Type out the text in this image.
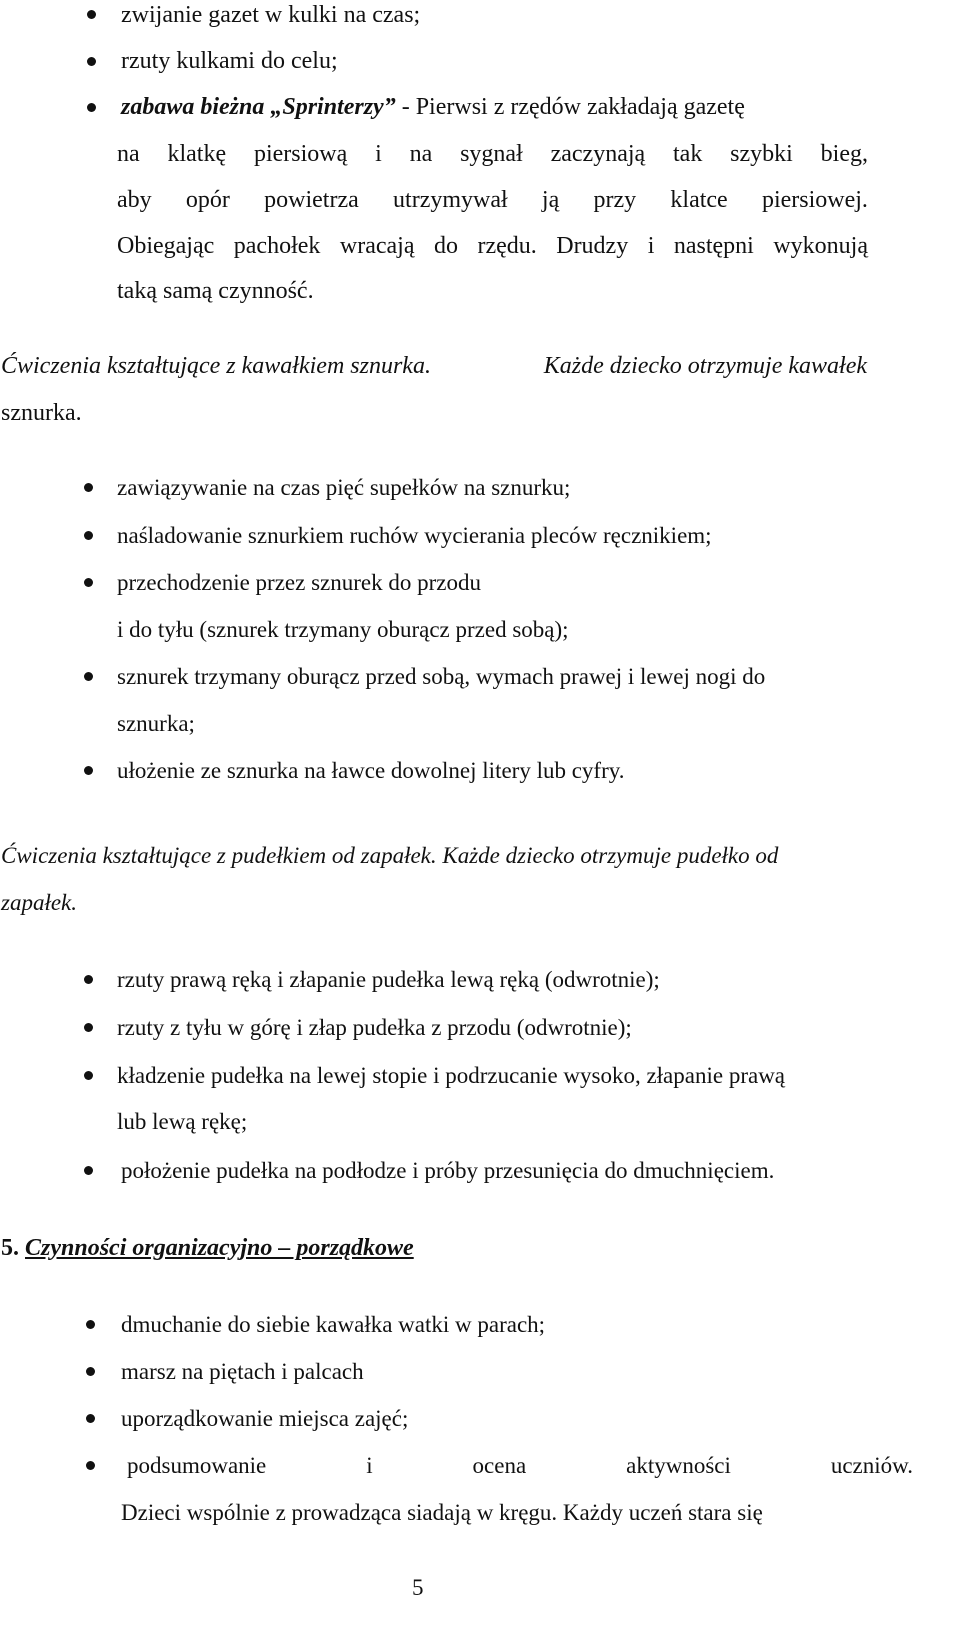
zwijanie gazet w kulki na czas;
rzuty kulkami do celu;
zabawa bieżna „Sprinterzy” - Pierwsi z rzędów zakładają gazetę
na klatkę piersiową i na sygnał zaczynają tak szybki bieg,
aby opór powietrza utrzymywał ją przy klatce piersiowej.
Obiegając pachołek wracają do rzędu. Drudzy i następni wykonują
taką samą czynność.
Ćwiczenia kształtujące z kawałkiem sznurka.	Każde dziecko otrzymuje kawałek
sznurka.
zawiązywanie na czas pięć supełków na sznurku;
naśladowanie sznurkiem ruchów wycierania pleców ręcznikiem;
przechodzenie przez sznurek do przodu
i do tyłu (sznurek trzymany oburącz przed sobą);
sznurek trzymany oburącz przed sobą, wymach prawej i lewej nogi do
sznurka;
ułożenie ze sznurka na ławce dowolnej litery lub cyfry.
Ćwiczenia kształtujące z pudełkiem od zapałek. Każde dziecko otrzymuje pudełko od
zapałek.
rzuty prawą ręką i złapanie pudełka lewą ręką (odwrotnie);
rzuty z tyłu w górę i złap pudełka z przodu (odwrotnie);
kładzenie pudełka na lewej stopie i podrzucanie wysoko, złapanie prawą
lub lewą rękę;
położenie pudełka na podłodze i próby przesunięcia do dmuchnięciem.
5. Czynności organizacyjno – porządkowe
dmuchanie do siebie kawałka watki w parach;
marsz na piętach i palcach
uporządkowanie miejsca zajęć;
podsumowanie	i	ocena	aktywności	uczniów.
Dzieci wspólnie z prowadząca siadają w kręgu. Każdy uczeń stara się
5
